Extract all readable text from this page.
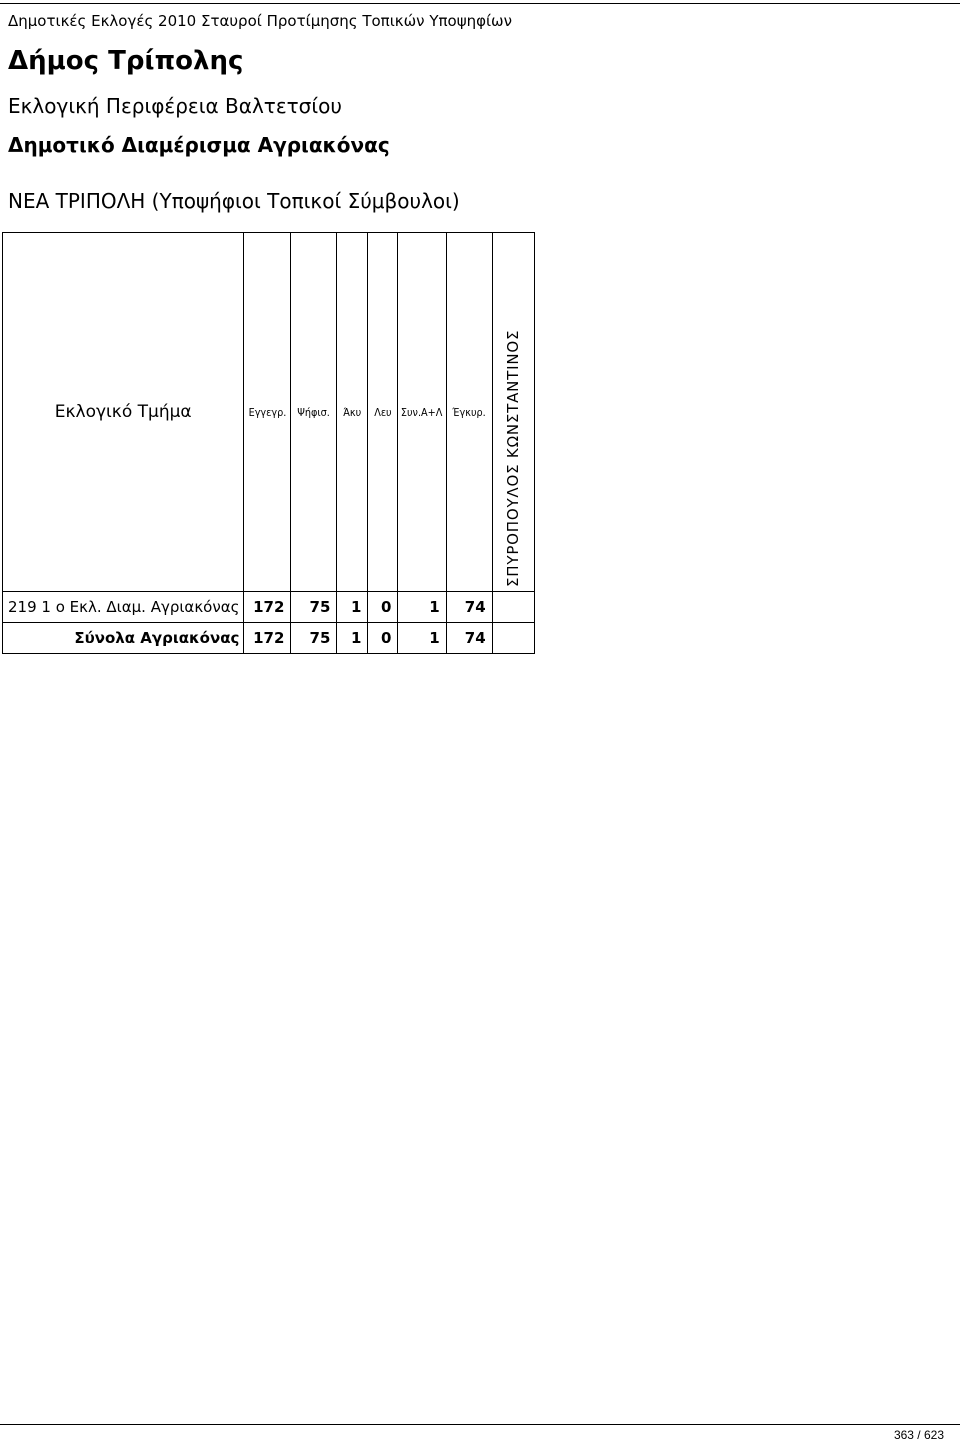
Δημοτικές Εκλογές 2010 Σταυροί Προτίμησης Τοπικών Υποψηφίων
Δήμος Τρίπολης
Εκλογική Περιφέρεια Βαλτετσίου
Δημοτικό Διαμέρισμα Αγριακόνας
ΝΕΑ ΤΡΙΠΟΛΗ (Υποψήφιοι Τοπικοί Σύμβουλοι)
Εκλογικό Τμήμα	Εγγεγρ.	Ψήφισ.	Άκυ	Λευ	Συν.Α+Λ	Έγκυρ.	ΣΠΥΡΟΠΟΥΛΟΣ ΚΩΝΣΤΑΝΤΙΝΟΣ

219 1 ο Εκλ. Διαμ. Αγριακόνας	172	75	1	0	1	74	
Σύνολα Αγριακόνας	172	75	1	0	1	74	
363 / 623
